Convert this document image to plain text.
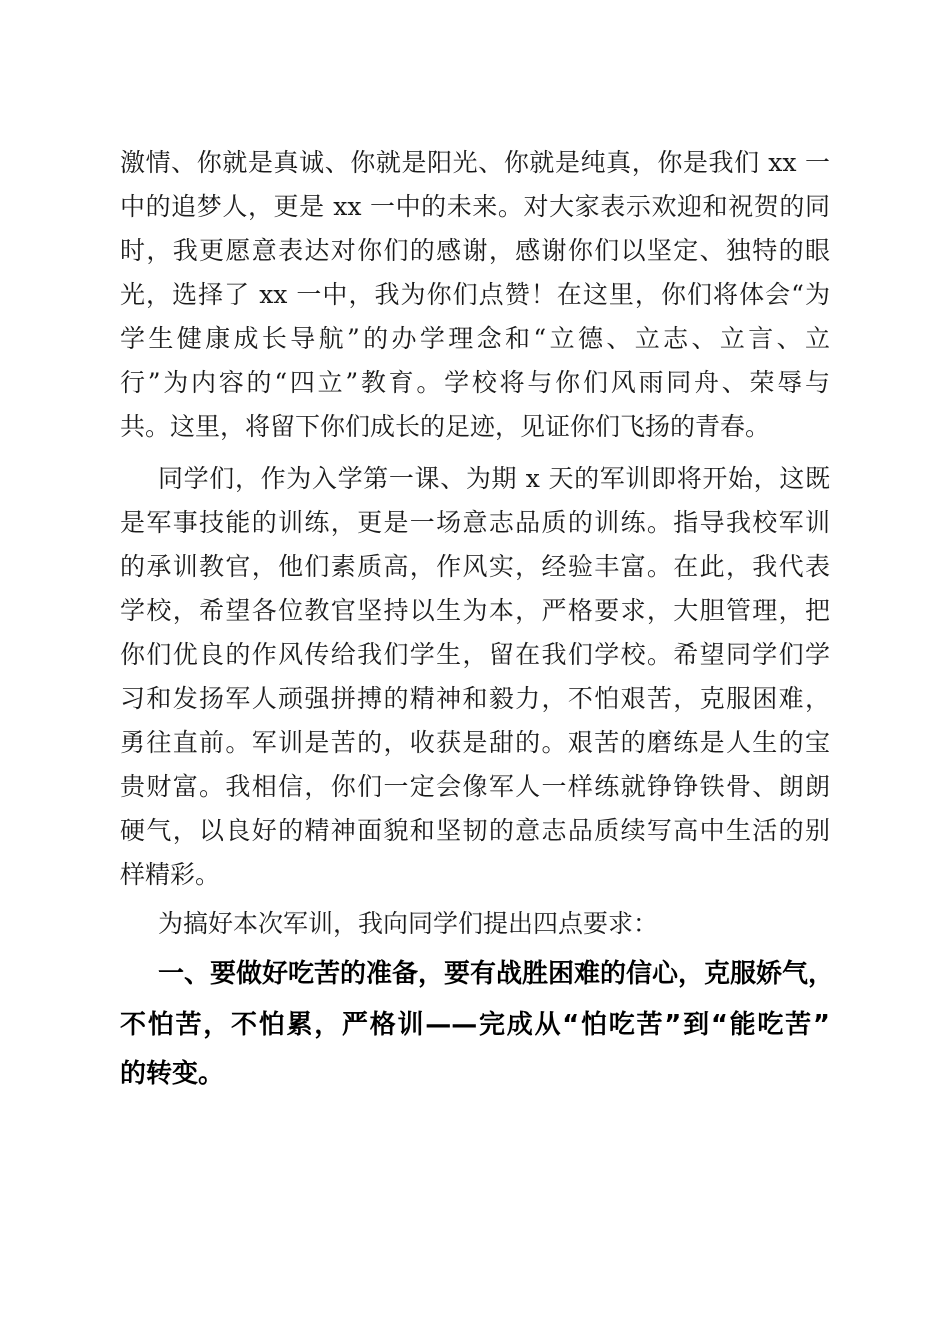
激情、你就是真诚、你就是阳光、你就是纯真，你是我们 xx 一
中的追梦人，更是 xx 一中的未来。对大家表示欢迎和祝贺的同
时，我更愿意表达对你们的感谢，感谢你们以坚定、独特的眼
光，选择了 xx 一中，我为你们点赞！在这里，你们将体会“为
学生健康成长导航”的办学理念和“立德、立志、立言、立
行”为内容的“四立”教育。学校将与你们风雨同舟、荣辱与
共。这里，将留下你们成长的足迹，见证你们飞扬的青春。
同学们，作为入学第一课、为期 x 天的军训即将开始，这既
是军事技能的训练，更是一场意志品质的训练。指导我校军训
的承训教官，他们素质高，作风实，经验丰富。在此，我代表
学校，希望各位教官坚持以生为本，严格要求，大胆管理，把
你们优良的作风传给我们学生，留在我们学校。希望同学们学
习和发扬军人顽强拼搏的精神和毅力，不怕艰苦，克服困难，
勇往直前。军训是苦的，收获是甜的。艰苦的磨练是人生的宝
贵财富。我相信，你们一定会像军人一样练就铮铮铁骨、朗朗
硬气，以良好的精神面貌和坚韧的意志品质续写高中生活的别
样精彩。
为搞好本次军训，我向同学们提出四点要求：
一、要做好吃苦的准备，要有战胜困难的信心，克服娇气，
不怕苦，不怕累，严格训——完成从“怕吃苦”到“能吃苦”
的转变。
